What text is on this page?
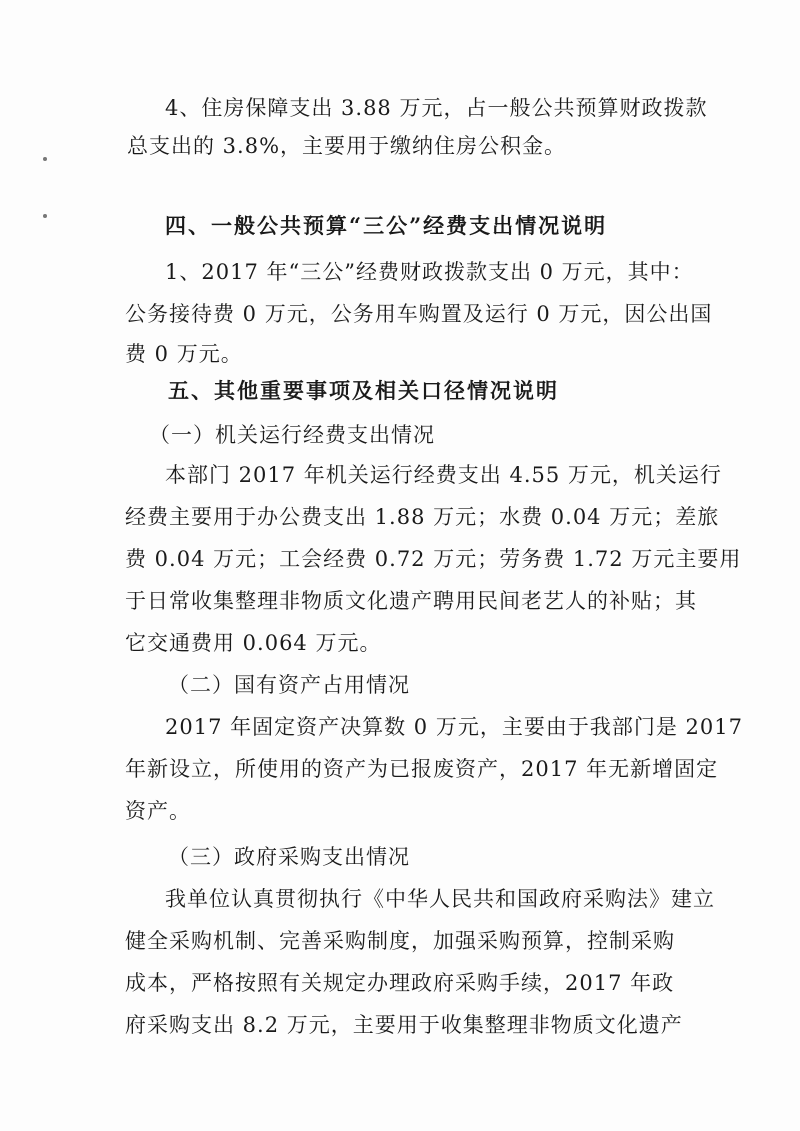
4、住房保障支出 3.88 万元，占一般公共预算财政拨款
总支出的 3.8%，主要用于缴纳住房公积金。
四、一般公共预算“三公”经费支出情况说明
1、2017 年“三公”经费财政拨款支出 0 万元，其中：
公务接待费 0 万元，公务用车购置及运行 0 万元，因公出国
费 0 万元。
五、其他重要事项及相关口径情况说明
（一）机关运行经费支出情况
本部门 2017 年机关运行经费支出 4.55 万元，机关运行
经费主要用于办公费支出 1.88 万元；水费 0.04 万元；差旅
费 0.04 万元；工会经费 0.72 万元；劳务费 1.72 万元主要用
于日常收集整理非物质文化遗产聘用民间老艺人的补贴；其
它交通费用 0.064 万元。
（二）国有资产占用情况
2017 年固定资产决算数 0 万元，主要由于我部门是 2017
年新设立，所使用的资产为已报废资产，2017 年无新增固定
资产。
（三）政府采购支出情况
我单位认真贯彻执行《中华人民共和国政府采购法》建立
健全采购机制、完善采购制度，加强采购预算，控制采购
成本，严格按照有关规定办理政府采购手续，2017 年政
府采购支出 8.2 万元，主要用于收集整理非物质文化遗产
